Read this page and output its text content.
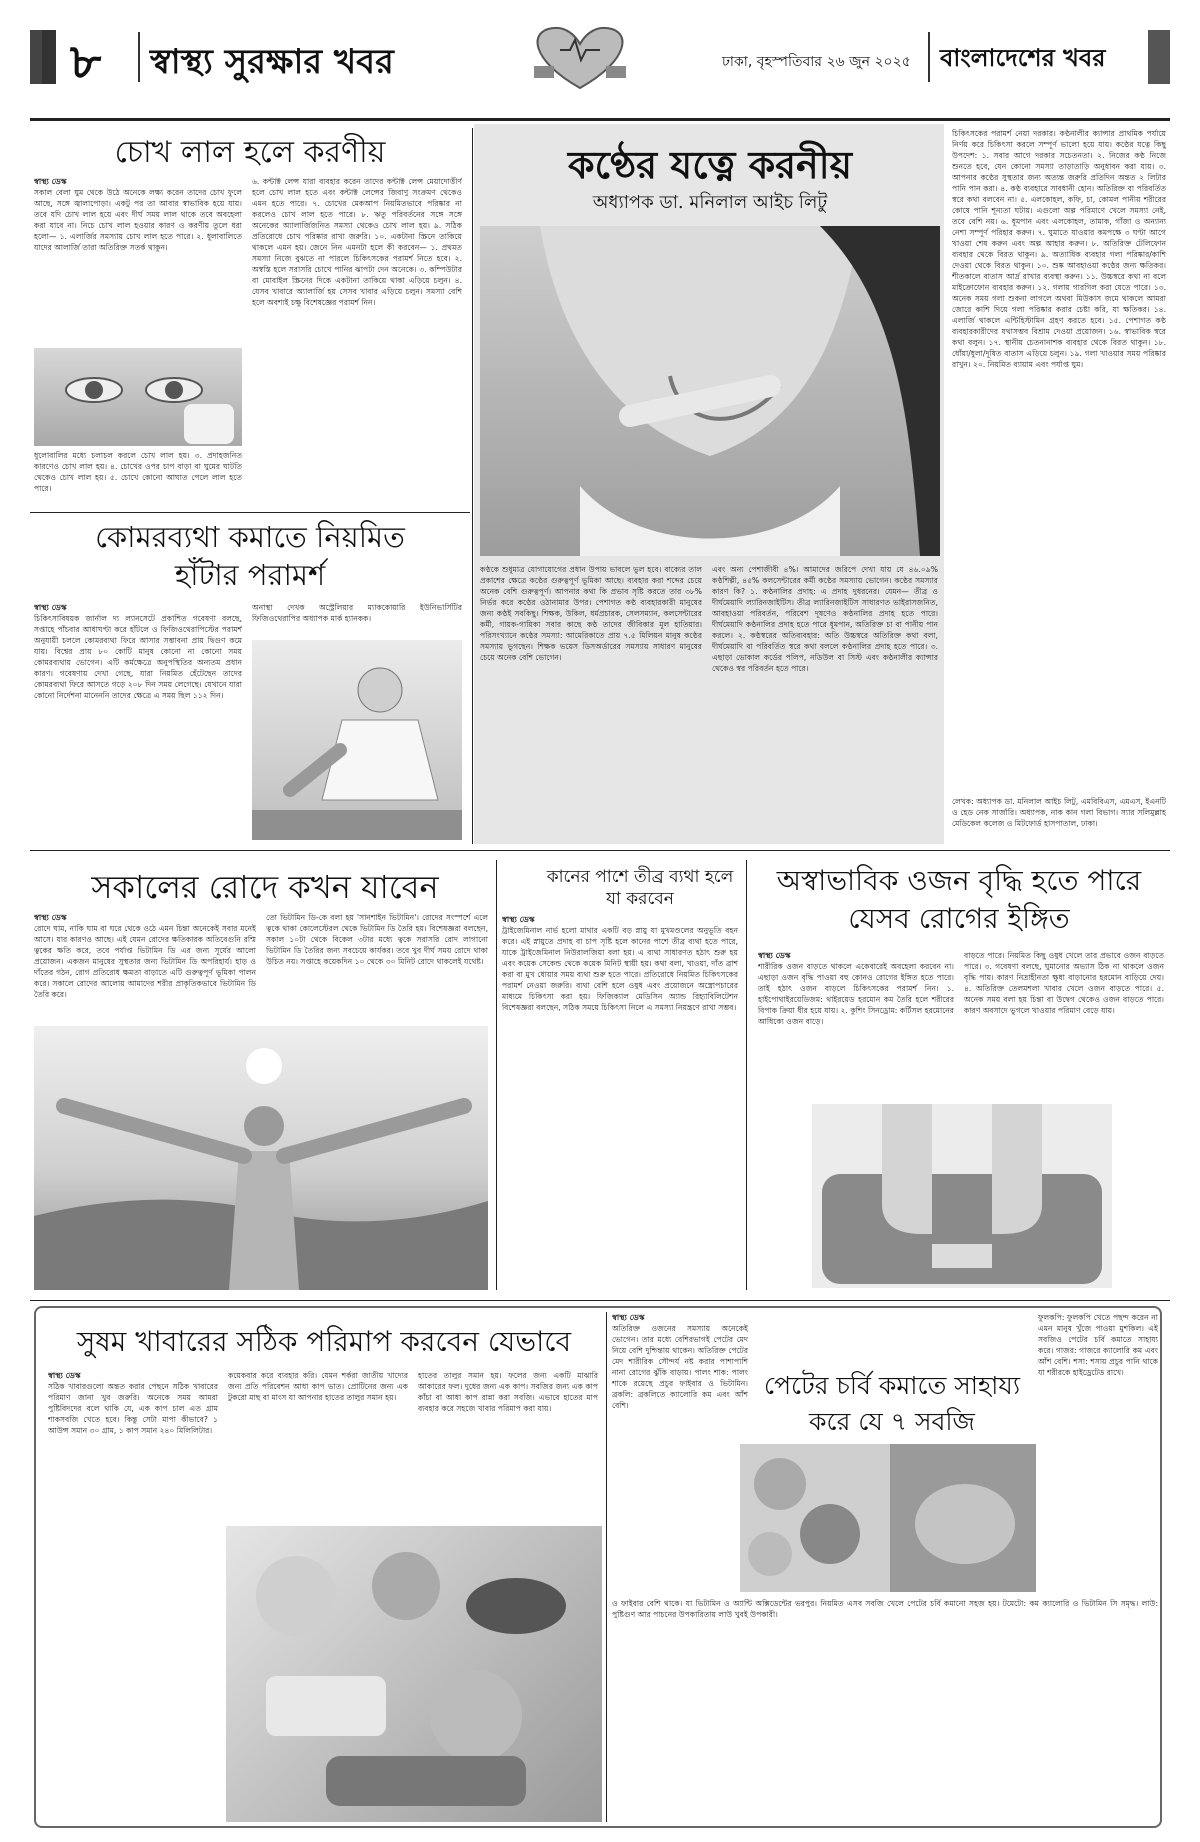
৮ স্বাস্থ্য সুরক্ষার খবর	ঢাকা, বৃহস্পতিবার ২৬ জুন ২০২৫ বাংলাদেশের খবর
চোখ লাল হলে করণীয়
স্বাস্থ্য ডেস্ক

সকাল বেলা ঘুম থেকে উঠে অনেকে লক্ষ্য করেন তাদের চোখ ফুলে আছে, সঙ্গে জ্বালাপোড়া। একটু পর তা আবার স্বাভাবিক হয়ে যায়। তবে যদি চোখ লাল হয়ে এবং দীর্ঘ সময় লাল থাকে তবে অবহেলা করা যাবে না। নিচে চোখ লাল হওয়ার কারণ ও করণীয় তুলে ধরা হলো— ১. এলার্জির সমস্যায় চোখ লাল হতে পারে। ২. ধুলাবালিতে যাদের আলার্জি তারা অতিরিক্ত সতর্ক থাকুন।

ধুলোবালির মধ্যে চলাচল করলে চোখ লাল হয়। ৩. প্রদাহজনিত কারণেও চোখ লাল হয়। ৪. চোখের ওপর চাপ বাড়া বা ঘুমের ঘাটতি থেকেও চোখ লাল হয়। ৫. চোখে কোনো আঘাত পেলে লাল হতে পারে।

৬. কন্টাক্ট লেন্স যারা ব্যবহার করেন তাদের কন্টাক্ট লেন্স মেয়াদোত্তীর্ণ হলে চোখ লাল হতে এবং কন্টাক্ট লেন্সের জিবাণু সংক্রমণ থেকেও এমন হতে পারে। ৭. চোখের মেকআপ নিয়মিতভাবে পরিষ্কার না করলেও চোখ লাল হতে পারে। ৮. ঋতু পরিবর্তনের সঙ্গে সঙ্গে অনেকের অ্যালার্জিজনিত সমস্যা থেকেও চোখ লাল হয়। ৯. সঠিক প্রতিরোধে চোখ পরিষ্কার রাখা জরুরি। ১০. একটানা স্ক্রিনে তাকিয়ে থাকলে এমন হয়। জেনে নিন এমনটা হলে কী করবেন— ১. প্রথমত সমস্যা নিজে বুঝতে না পারলে চিকিৎসকের পরামর্শ নিতে হবে। ২. অস্বস্তি হলে সরাসরি চোখে পানির ঝাপটা দেন অনেকে। ৩. কম্পিউটার বা মোবাইল স্ক্রিনের দিকে একটানা তাকিয়ে থাকা এড়িয়ে চলুন। ৪. যেসব খাবারে অ্যালার্জি হয় সেসব খাবার এড়িয়ে চলুন। সমস্যা বেশি হলে অবশ্যই চক্ষু বিশেষজ্ঞের পরামর্শ নিন।

কোমরব্যথা কমাতে নিয়মিত হাঁটার পরামর্শ
স্বাস্থ্য ডেস্ক

চিকিৎসাবিষয়ক জার্নাল দ্য ল্যানসেটে প্রকাশিত গবেষণা বলছে, সপ্তাহে পাঁচবার আধাঘণ্টা করে হাঁটলে ও ফিজিওথেরাপিস্টের পরামর্শ অনুযায়ী চললে কোমরব্যথা ফিরে আসার সম্ভাবনা প্রায় দ্বিগুণ কমে যায়। বিশ্বের প্রায় ৮০ কোটি মানুষ কোনো না কোনো সময় কোমরব্যথায় ভোগেন। এটি কর্মক্ষেত্রে অনুপস্থিতির অন্যতম প্রধান কারণ। গবেষণায় দেখা গেছে, যারা নিয়মিত হেঁটেছেন তাদের কোমরব্যথা ফিরে আসতে গড়ে ২০৮ দিন সময় লেগেছে। যেখানে যারা কোনো নির্দেশনা মানেননি তাদের ক্ষেত্রে এ সময় ছিল ১১২ দিন।

অনাস্থা দেখক অস্ট্রেলিয়ার ম্যাককোয়ারি ইউনিভার্সিটির ফিজিওথেরাপির অধ্যাপক মার্ক হ্যানকক।

কণ্ঠের যত্নে করনীয়
অধ্যাপক ডা. মনিলাল আইচ লিটু

কণ্ঠকে শুধুমাত্র যোগাযোগের প্রধান উপায় ভাবলে ভুল হবে। বাক্যের তাল প্রকাশের ক্ষেত্রে কণ্ঠের গুরুত্বপূর্ণ ভূমিকা আছে। ব্যবহার করা শব্দের চেয়ে অনেক বেশি গুরুত্বপূর্ণ। আপনার কথা কি প্রভাব সৃষ্টি করতে তার ৩৮% নির্ভর করে কণ্ঠের ওঠানামার উপর। পেশাগত কণ্ঠ ব্যবহারকারী মানুষের জন্য কণ্ঠই সবকিছু। শিক্ষক, উকিল, ধর্মপ্রচারক, সেলসম্যান, কলসেন্টারের কর্মী, গায়ক-গায়িকা সবার কাছে কণ্ঠ তাদের জীবিকার মূল হাতিয়ার। পরিসংখ্যানে কণ্ঠের সমস্যা: আমেরিকাতে প্রায় ৭.৫ মিলিয়ন মানুষ কণ্ঠের সমস্যায় ভুগছেন। শিক্ষক ভয়েস ডিসঅর্ডারের সমস্যায় সাধারণ মানুষের চেয়ে অনেক বেশি ভোগেন।

এবং অন্য পেশাজীবী ৪%। আমাদের জরিপে দেখা যায় যে ৪৬.০৯% কণ্ঠশিল্পী, ৪৫% কলসেন্টারের কর্মী কণ্ঠের সমস্যায় ভোগেন। কণ্ঠের সমস্যার কারণ কি? ১. কণ্ঠনালির প্রদাহ: এ প্রদাহ দুধরনের। যেমন— তীব্র ও দীর্ঘমেয়াদি ল্যারিনজাইটিস। তীব্র ল্যারিনজাইটিস সাধারণত ভাইরাসজনিত, আবহাওয়া পরিবর্তন, পরিবেশ দূষণেও কণ্ঠনালির প্রদাহ হতে পারে। দীর্ঘমেয়াদি কণ্ঠনালির প্রদাহ হতে পারে ধূমপান, অতিরিক্ত চা বা পানীয় পান করলে। ২. কণ্ঠস্বরের অতিব্যবহার: অতি উচ্চস্বরে অতিরিক্ত কথা বলা, দীর্ঘমেয়াদি বা পরিবর্তিত স্বরে কথা বললে কণ্ঠনালির প্রদাহ হতে পারে। ৩. এছাড়া ভোকাল কর্ডের পলিপ, নডিউল বা সিস্ট এবং কণ্ঠনালীর ক্যান্সার থেকেও স্বর পরিবর্তন হতে পারে।

চিকিৎসকের পরামর্শ নেয়া দরকার। কণ্ঠনালীর ক্যান্সার প্রাথমিক পর্যায়ে নির্ণয় করে চিকিৎসা করলে সম্পূর্ণ ভালো হয়ে যায়। কণ্ঠের যত্নে কিছু উপদেশ: ১. সবার আগে দরকার সচেতনতা। ২. নিজের কণ্ঠ নিজে শুনতে হবে, যেন কোনো সমস্যা তাড়াতাড়ি অনুধাবন করা যায়। ৩. আপনার কণ্ঠের সুস্থতার জন্য অত্যন্ত জরুরি প্রতিদিন অন্তত ২ লিটার পানি পান করা। ৪. কণ্ঠ ব্যবহারে সাবধানী হোন। অতিরিক্ত বা পরিবর্তিত স্বরে কথা বলবেন না। ৫. এলকোহল, কফি, চা, কোমল পানীয় শরীরের কোষে পানি শূন্যতা ঘটায়। এগুলো অল্প পরিমাণে খেলে সমস্যা নেই, তবে বেশি নয়। ৬. ধূমপান এবং এলকোহল, তামাক, গাঁজা ও অন্যান্য নেশা সম্পূর্ণ পরিহার করুন। ৭. ঘুমাতে যাওয়ার কমপক্ষে ৩ ঘণ্টা আগে খাওয়া শেষ করুন এবং অল্প আহার করুন। ৮. অতিরিক্ত টেলিফোন ব্যবহার থেকে বিরত থাকুন। ৯. অত্যাধিক ব্যবহার গলা পরিষ্কার/কাশি দেওয়া থেকে বিরত থাকুন। ১০. শুষ্ক আবহাওয়া কণ্ঠের জন্য ক্ষতিকর। শীতকালে বাতাস আর্দ্র রাখার ব্যবস্থা করুন। ১১. উচ্চস্বরে কথা না বলে মাইক্রোফোন ব্যবহার করুন। ১২. গলায় গারগিল করা যেতে পারে। ১৩. অনেক সময় গলা শুকনা লাগলে অথবা মিউকাস জমে থাকলে আমরা জোরে কাশি দিয়ে গলা পরিষ্কার করার চেষ্টা করি, যা ক্ষতিকর। ১৪. এলার্জি থাকলে এন্টিহিস্টামিন গ্রহণ করতে হবে। ১৫. পেশাগত কণ্ঠ ব্যবহারকারীদের যথাসম্ভব বিশ্রাম দেওয়া প্রয়োজন। ১৬. স্বাভাবিক স্বরে কথা বলুন। ১৭. স্থানীয় চেতনানাশক ব্যবহার থেকে বিরত থাকুন। ১৮. ধোঁয়া/ধুলা/দূষিত বাতাস এড়িয়ে চলুন। ১৯. গলা খাওয়ার সময় পরিষ্কার রাখুন। ২০. নিয়মিত ব্যায়াম এবং পর্যাপ্ত ঘুম।

লেখক: অধ্যাপক ডা. মনিলাল আইচ লিটু, এমবিবিএস, এমএস, ইএনটি ও হেড নেক সার্জারি। অধ্যাপক, নাক কান গলা বিভাগ। স্যার সলিমুল্লাহ মেডিকেল কলেজ ও মিটফোর্ড হাসপাতাল, ঢাকা।

সকালের রোদে কখন যাবেন
স্বাস্থ্য ডেস্ক

রোদে ঘাম, নাকি ঘাম বা ঘরে থেকে ওঠে এমন চিন্তা অনেকেই সবার মনেই আসে। যার কারণও আছে। এই যেমন রোদের ক্ষতিকারক অতিবেগুনি রশ্মি ত্বকের ক্ষতি করে, তবে পর্যাপ্ত ভিটামিন ডি এর জন্য সূর্যের আলো প্রয়োজন। একজন মানুষের সুস্থতার জন্য ভিটামিন ডি অপরিহার্য। হাড় ও দাঁতের গঠন, রোগ প্রতিরোধ ক্ষমতা বাড়াতে এটি গুরুত্বপূর্ণ ভূমিকা পালন করে। সকালে রোদের আলোয় আমাদের শরীর প্রাকৃতিকভাবে ভিটামিন ডি তৈরি করে।

তো ভিটামিন ডি-কে বলা হয় 'সানশাইন ভিটামিন'। রোদের সংস্পর্শে এলে ত্বকে থাকা কোলেস্টেরল থেকে ভিটামিন ডি তৈরি হয়। বিশেষজ্ঞরা বলছেন, সকাল ১০টা থেকে বিকেল ৩টার মধ্যে ত্বকে সরাসরি রোদ লাগানো ভিটামিন ডি তৈরির জন্য সবচেয়ে কার্যকর। তবে খুব দীর্ঘ সময় রোদে থাকা উচিত নয়। সপ্তাহে কয়েকদিন ১০ থেকে ৩০ মিনিট রোদে থাকলেই যথেষ্ট।

কানের পাশে তীব্র ব্যথা হলে যা করবেন
স্বাস্থ্য ডেস্ক

ট্রাইজেমিনাল নার্ভ হলো মাথার একটি বড় স্নায়ু যা মুখমণ্ডলের অনুভূতি বহন করে। এই স্নায়ুতে প্রদাহ বা চাপ সৃষ্টি হলে কানের পাশে তীব্র ব্যথা হতে পারে, যাকে ট্রাইজেমিনাল নিউরালজিয়া বলা হয়। এ ব্যথা সাধারণত হঠাৎ শুরু হয় এবং কয়েক সেকেন্ড থেকে কয়েক মিনিট স্থায়ী হয়। কথা বলা, খাওয়া, দাঁত ব্রাশ করা বা মুখ ধোয়ার সময় ব্যথা শুরু হতে পারে। প্রতিরোধে নিয়মিত চিকিৎসকের পরামর্শ নেওয়া জরুরি। ব্যথা বেশি হলে ওষুধ এবং প্রয়োজনে অস্ত্রোপচারের মাধ্যমে চিকিৎসা করা হয়। ফিজিক্যাল মেডিসিন অ্যান্ড রিহ্যাবিলিটেশন বিশেষজ্ঞরা বলছেন, সঠিক সময়ে চিকিৎসা নিলে এ সমস্যা নিয়ন্ত্রণে রাখা সম্ভব।

অস্বাভাবিক ওজন বৃদ্ধি হতে পারে যেসব রোগের ইঙ্গিত
স্বাস্থ্য ডেস্ক

শারীরিক ওজন বাড়তে থাকলে একেবারেই অবহেলা করবেন না। এছাড়া ওজন বৃদ্ধি পাওয়া বহু কোনও রোগের ইঙ্গিত হতে পারে। তাই হঠাৎ ওজন বাড়লে চিকিৎসকের পরামর্শ নিন। ১. হাইপোথাইরয়েডিজম: থাইরয়েড হরমোন কম তৈরি হলে শরীরের বিপাক ক্রিয়া ধীর হয়ে যায়। ২. কুশিং সিনড্রোম: কর্টিসল হরমোনের আধিক্যে ওজন বাড়ে।

বাড়তে পারে। নিয়মিত কিছু ওষুধ খেলে তার প্রভাবে ওজন বাড়তে পারে। ৩. গবেষণা বলছে, ঘুমানোর অভ্যাস ঠিক না থাকলে ওজন বৃদ্ধি পায়। কারণ নিদ্রাহীনতা ক্ষুধা বাড়ানোর হরমোন বাড়িয়ে দেয়। ৪. অতিরিক্ত তেলমশলা খাবার খেলে ওজন বাড়তে পারে। ৫. অনেক সময় বলা হয় চিন্তা বা উদ্বেগ থেকেও ওজন বাড়তে পারে। কারণ অবসাদে ভুগলে খাওয়ার পরিমাণ বেড়ে যায়।

সুষম খাবারের সঠিক পরিমাপ করবেন যেভাবে
স্বাস্থ্য ডেস্ক

সঠিক খাবারগুলো অন্তত করার পেছনে সঠিক খাবারের পরিমাণ জানা খুব জরুরি। অনেকে সময় আমরা পুষ্টিবিদদের বলে থাকি যে, এক কাপ চাল এত গ্রাম শাকসবজি খেতে হবে। কিন্তু সেটা মাপা কীভাবে? ১ আউন্স সমান ৩০ গ্রাম, ১ কাপ সমান ২৪০ মিলিলিটার।

কয়েকবার করে ব্যবহার করি। যেমন শর্করা জাতীয় খাদ্যের জন্য প্রতি পরিবেশন আধা কাপ ভাত। প্রোটিনের জন্য এক টুকরো মাছ বা মাংস যা আপনার হাতের তালুর সমান হয়।

হাতের তালুর সমান হয়। ফলের জন্য একটি মাঝারি আকারের ফল। দুধের জন্য এক কাপ। সবজির জন্য এক কাপ কাঁচা বা আধা কাপ রান্না করা সবজি। এভাবে হাতের মাপ ব্যবহার করে সহজে খাবার পরিমাপ করা যায়।

স্বাস্থ্য ডেস্ক

অতিরিক্ত ওজনের সমস্যায় অনেকেই ভোগেন। তার মধ্যে বেশিরভাগই পেটের মেদ নিয়ে বেশি দুশ্চিন্তায় থাকেন। অতিরিক্ত পেটের মেদ শারীরিক সৌন্দর্য নষ্ট করার পাশাপাশি নানা রোগের ঝুঁকি বাড়ায়। পালং শাক: পালং শাকে রয়েছে প্রচুর ফাইবার ও ভিটামিন। ব্রকলি: ব্রকলিতে ক্যালোরি কম এবং আঁশ বেশি।

পেটের চর্বি কমাতে সাহায্য করে যে ৭ সবজি

ফুলকপি: ফুলকপি খেতে পছন্দ করেন না এমন মানুষ খুঁজে পাওয়া মুশকিল। এই সবজিও পেটের চর্বি কমাতে সাহায্য করে। গাজর: গাজরে ক্যালোরি কম এবং আঁশ বেশি। শসা: শসায় প্রচুর পানি থাকে যা শরীরকে হাইড্রেটেড রাখে।

ও ফাইবার বেশি থাকে। যা ভিটামিন ও অ্যান্টি অক্সিডেন্টের ভরপুর। নিয়মিত এসব সবজি খেলে পেটের চর্বি কমানো সহজ হয়। টমেটো: কম ক্যালোরি ও ভিটামিন সি সমৃদ্ধ। লাউ: পুষ্টিগুণ আর পাচনের উপকারিতায় লাউ খুবই উপকারী।
